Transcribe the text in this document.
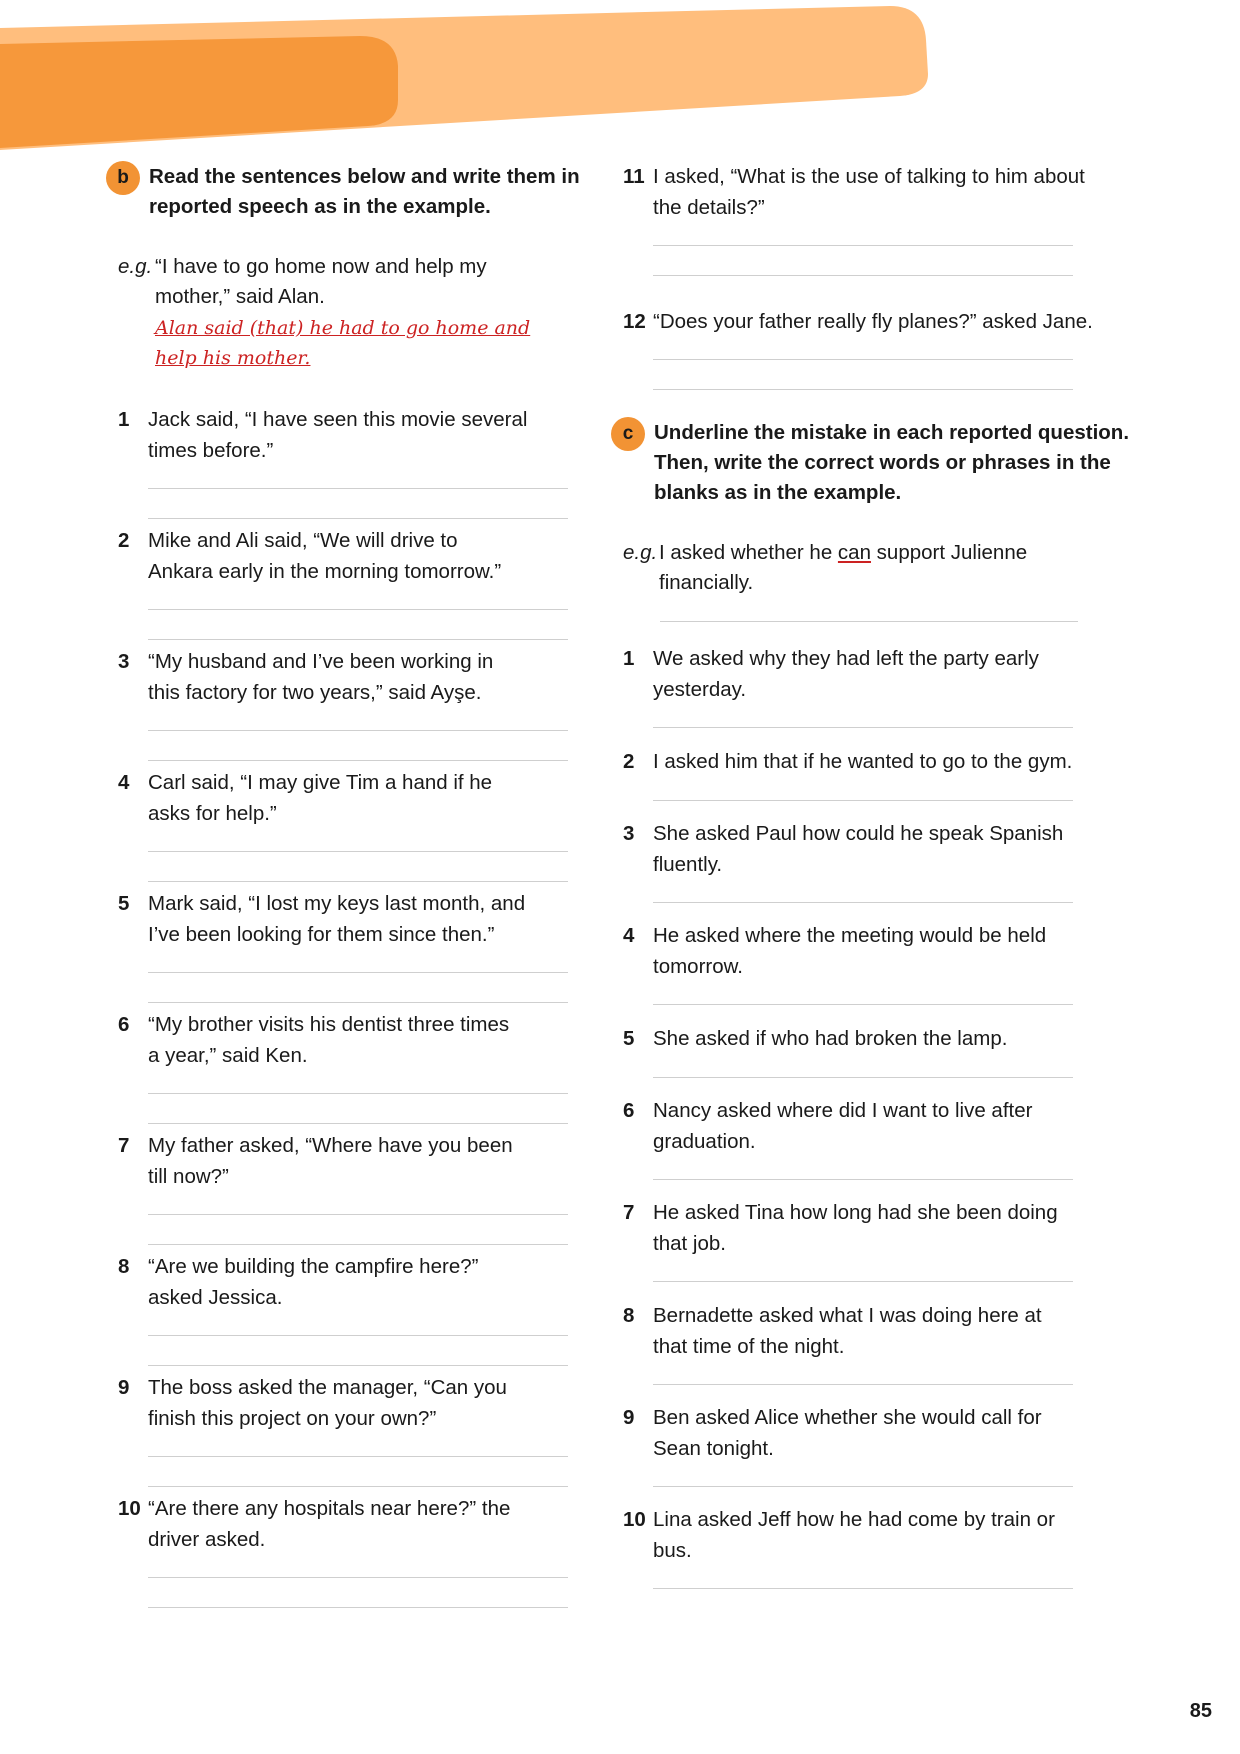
b Read the sentences below and write them in
reported speech as in the example.
e.g. “I have to go home now and help my
mother,” said Alan.
Alan said (that) he had to go home and
help his mother.
1 Jack said, “I have seen this movie several
times before.”
2 Mike and Ali said, “We will drive to
Ankara early in the morning tomorrow.”
3 “My husband and I’ve been working in
this factory for two years,” said Ayşe.
4 Carl said, “I may give Tim a hand if he
asks for help.”
5 Mark said, “I lost my keys last month, and
I’ve been looking for them since then.”
6 “My brother visits his dentist three times
a year,” said Ken.
7 My father asked, “Where have you been
till now?”
8 “Are we building the campfire here?”
asked Jessica.
9 The boss asked the manager, “Can you
finish this project on your own?”
10 “Are there any hospitals near here?” the
driver asked.
11 I asked, “What is the use of talking to him about
the details?”
12 “Does your father really fly planes?” asked Jane.
c	Underline the mistake in each reported question.
Then, write the correct words or phrases in the
blanks as in the example.
e.g. I asked whether he can support Julienne
financially.
1 We asked why they had left the party early
yesterday.
2 I asked him that if he wanted to go to the gym.
3 She asked Paul how could he speak Spanish
fluently.
4 He asked where the meeting would be held
tomorrow.
5 She asked if who had broken the lamp.
6 Nancy asked where did I want to live after
graduation.
7 He asked Tina how long had she been doing
that job.
8 Bernadette asked what I was doing here at
that time of the night.
9 Ben asked Alice whether she would call for
Sean tonight.
10 Lina asked Jeff how he had come by train or
bus.
85
